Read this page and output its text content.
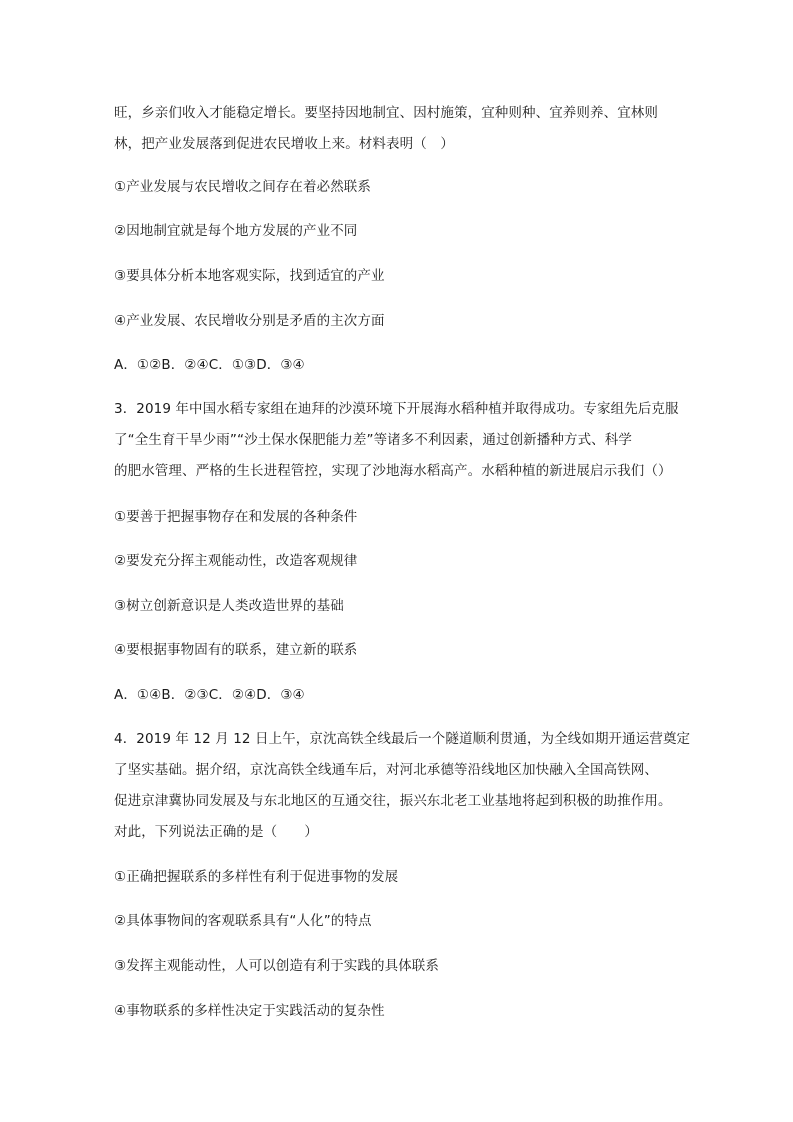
旺，乡亲们收入才能稳定增长。要坚持因地制宜、因村施策，宜种则种、宜养则养、宜林则
林，把产业发展落到促进农民增收上来。材料表明（　）
①产业发展与农民增收之间存在着必然联系
②因地制宜就是每个地方发展的产业不同
③要具体分析本地客观实际，找到适宜的产业
④产业发展、农民增收分别是矛盾的主次方面
A．①②B．②④C．①③D．③④
3．2019 年中国水稻专家组在迪拜的沙漠环境下开展海水稻种植并取得成功。专家组先后克服
了“全生育干旱少雨”“沙土保水保肥能力差”等诸多不利因素，通过创新播种方式、科学
的肥水管理、严格的生长进程管控，实现了沙地海水稻高产。水稻种植的新进展启示我们（）
①要善于把握事物存在和发展的各种条件
②要发充分挥主观能动性，改造客观规律
③树立创新意识是人类改造世界的基础
④要根据事物固有的联系，建立新的联系
A．①④B．②③C．②④D．③④
4．2019 年 12 月 12 日上午，京沈高铁全线最后一个隧道顺利贯通，为全线如期开通运营奠定
了坚实基础。据介绍，京沈高铁全线通车后，对河北承德等沿线地区加快融入全国高铁网、
促进京津冀协同发展及与东北地区的互通交往，振兴东北老工业基地将起到积极的助推作用。
对此，下列说法正确的是（　　）
①正确把握联系的多样性有利于促进事物的发展
②具体事物间的客观联系具有“人化”的特点
③发挥主观能动性，人可以创造有利于实践的具体联系
④事物联系的多样性决定于实践活动的复杂性
